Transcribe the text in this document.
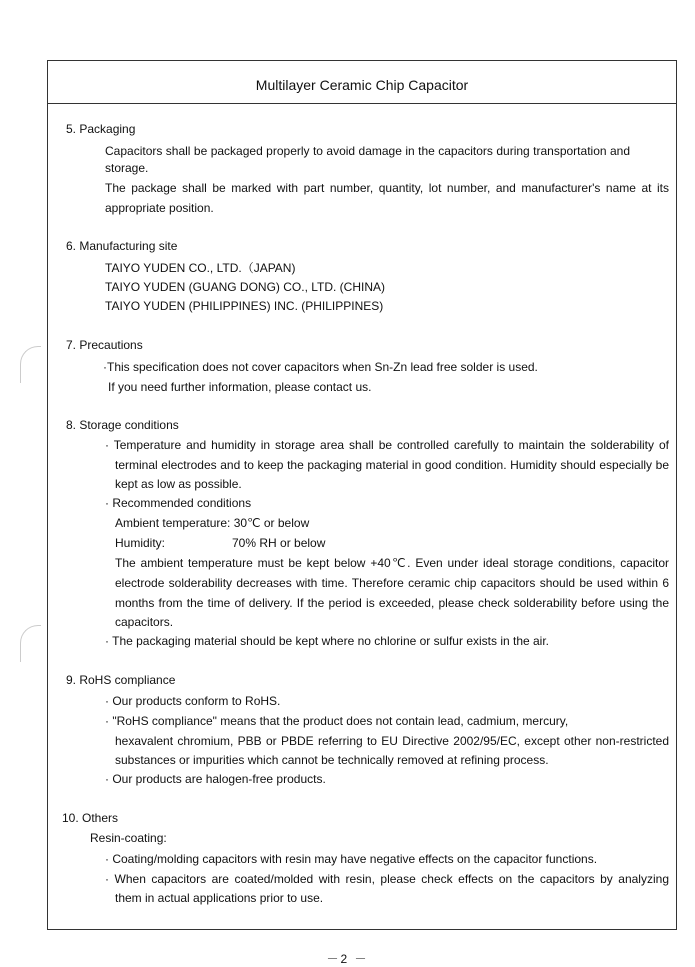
Multilayer Ceramic Chip Capacitor
5. Packaging
Capacitors shall be packaged properly to avoid damage in the capacitors during transportation and
storage.
The package shall be marked with part number, quantity, lot number, and manufacturer's name at its
appropriate position.
6. Manufacturing site
TAIYO YUDEN CO., LTD.（JAPAN)
TAIYO YUDEN (GUANG DONG) CO., LTD. (CHINA)
TAIYO YUDEN (PHILIPPINES) INC. (PHILIPPINES)
7. Precautions
·This specification does not cover capacitors when Sn-Zn lead free solder is used.
If you need further information, please contact us.
8. Storage conditions
· Temperature and humidity in storage area shall be controlled carefully to maintain the solderability of
terminal electrodes and to keep the packaging material in good condition. Humidity should especially be
kept as low as possible.
· Recommended conditions
Ambient temperature: 30℃ or below
Humidity:	70% RH or below
The ambient temperature must be kept below +40℃. Even under ideal storage conditions, capacitor
electrode solderability decreases with time. Therefore ceramic chip capacitors should be used within 6
months from the time of delivery. If the period is exceeded, please check solderability before using the
capacitors.
· The packaging material should be kept where no chlorine or sulfur exists in the air.
9. RoHS compliance
· Our products conform to RoHS.
· "RoHS compliance" means that the product does not contain lead, cadmium, mercury,
hexavalent chromium, PBB or PBDE referring to EU Directive 2002/95/EC, except other non-restricted
substances or impurities which cannot be technically removed at refining process.
· Our products are halogen-free products.
10. Others
Resin-coating:
· Coating/molding capacitors with resin may have negative effects on the capacitor functions.
· When capacitors are coated/molded with resin, please check effects on the capacitors by analyzing
them in actual applications prior to use.
－2 －
